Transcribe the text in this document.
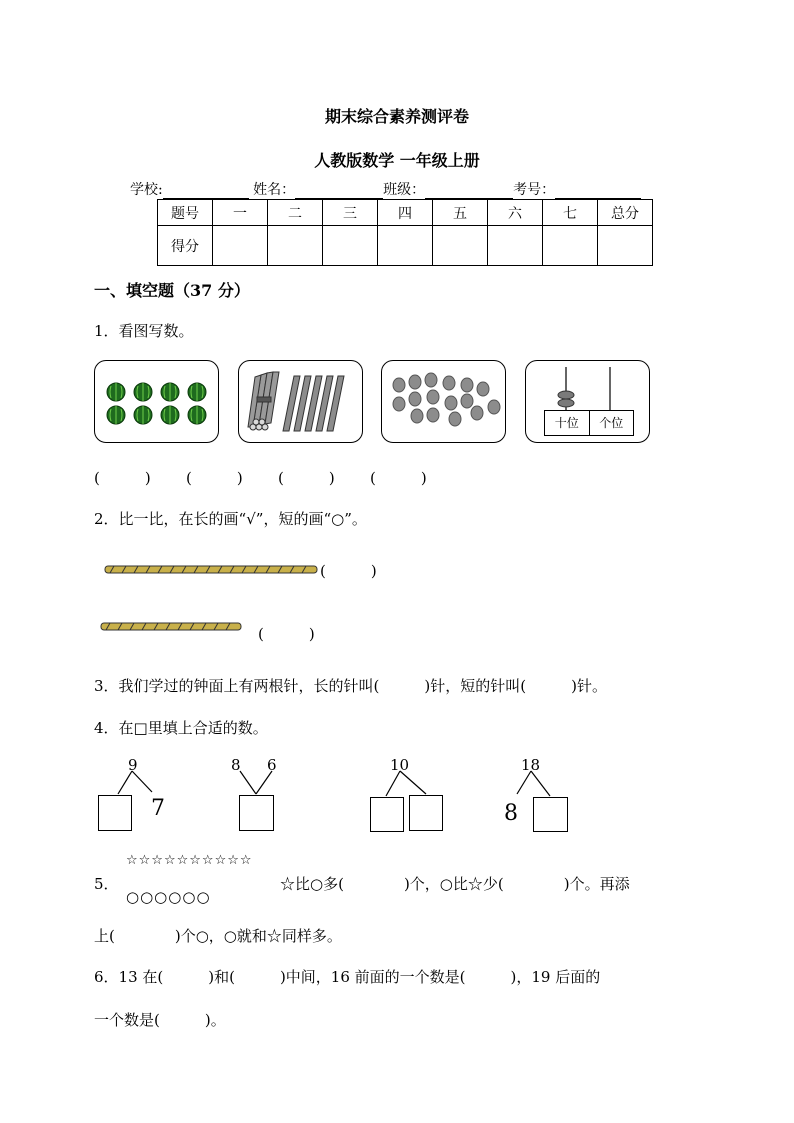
期末综合素养测评卷
人教版数学 一年级上册
学校:	姓名：	班级：	考号：
题号	一	二	三	四	五	六	七	总分
得分								
一、填空题（37 分）
1．看图写数。
十位	个位
(　　　) (　　　) (　　　) (　　　)
2．比一比，在长的画“√”，短的画“○”。
(　　　)
(　　　)
3．我们学过的钟面上有两根针，长的针叫(　　　)针，短的针叫(　　　)针。
4．在□里填上合适的数。
9
7
8 6	10	18
8
5．
☆☆☆☆☆☆☆☆☆☆
○○○○○○
☆比○多(　　　　)个，○比☆少(　　　　)个。再添
上(　　　　)个○，○就和☆同样多。
6．13 在(　　　)和(　　　)中间，16 前面的一个数是(　　　)，19 后面的
一个数是(　　　)。
